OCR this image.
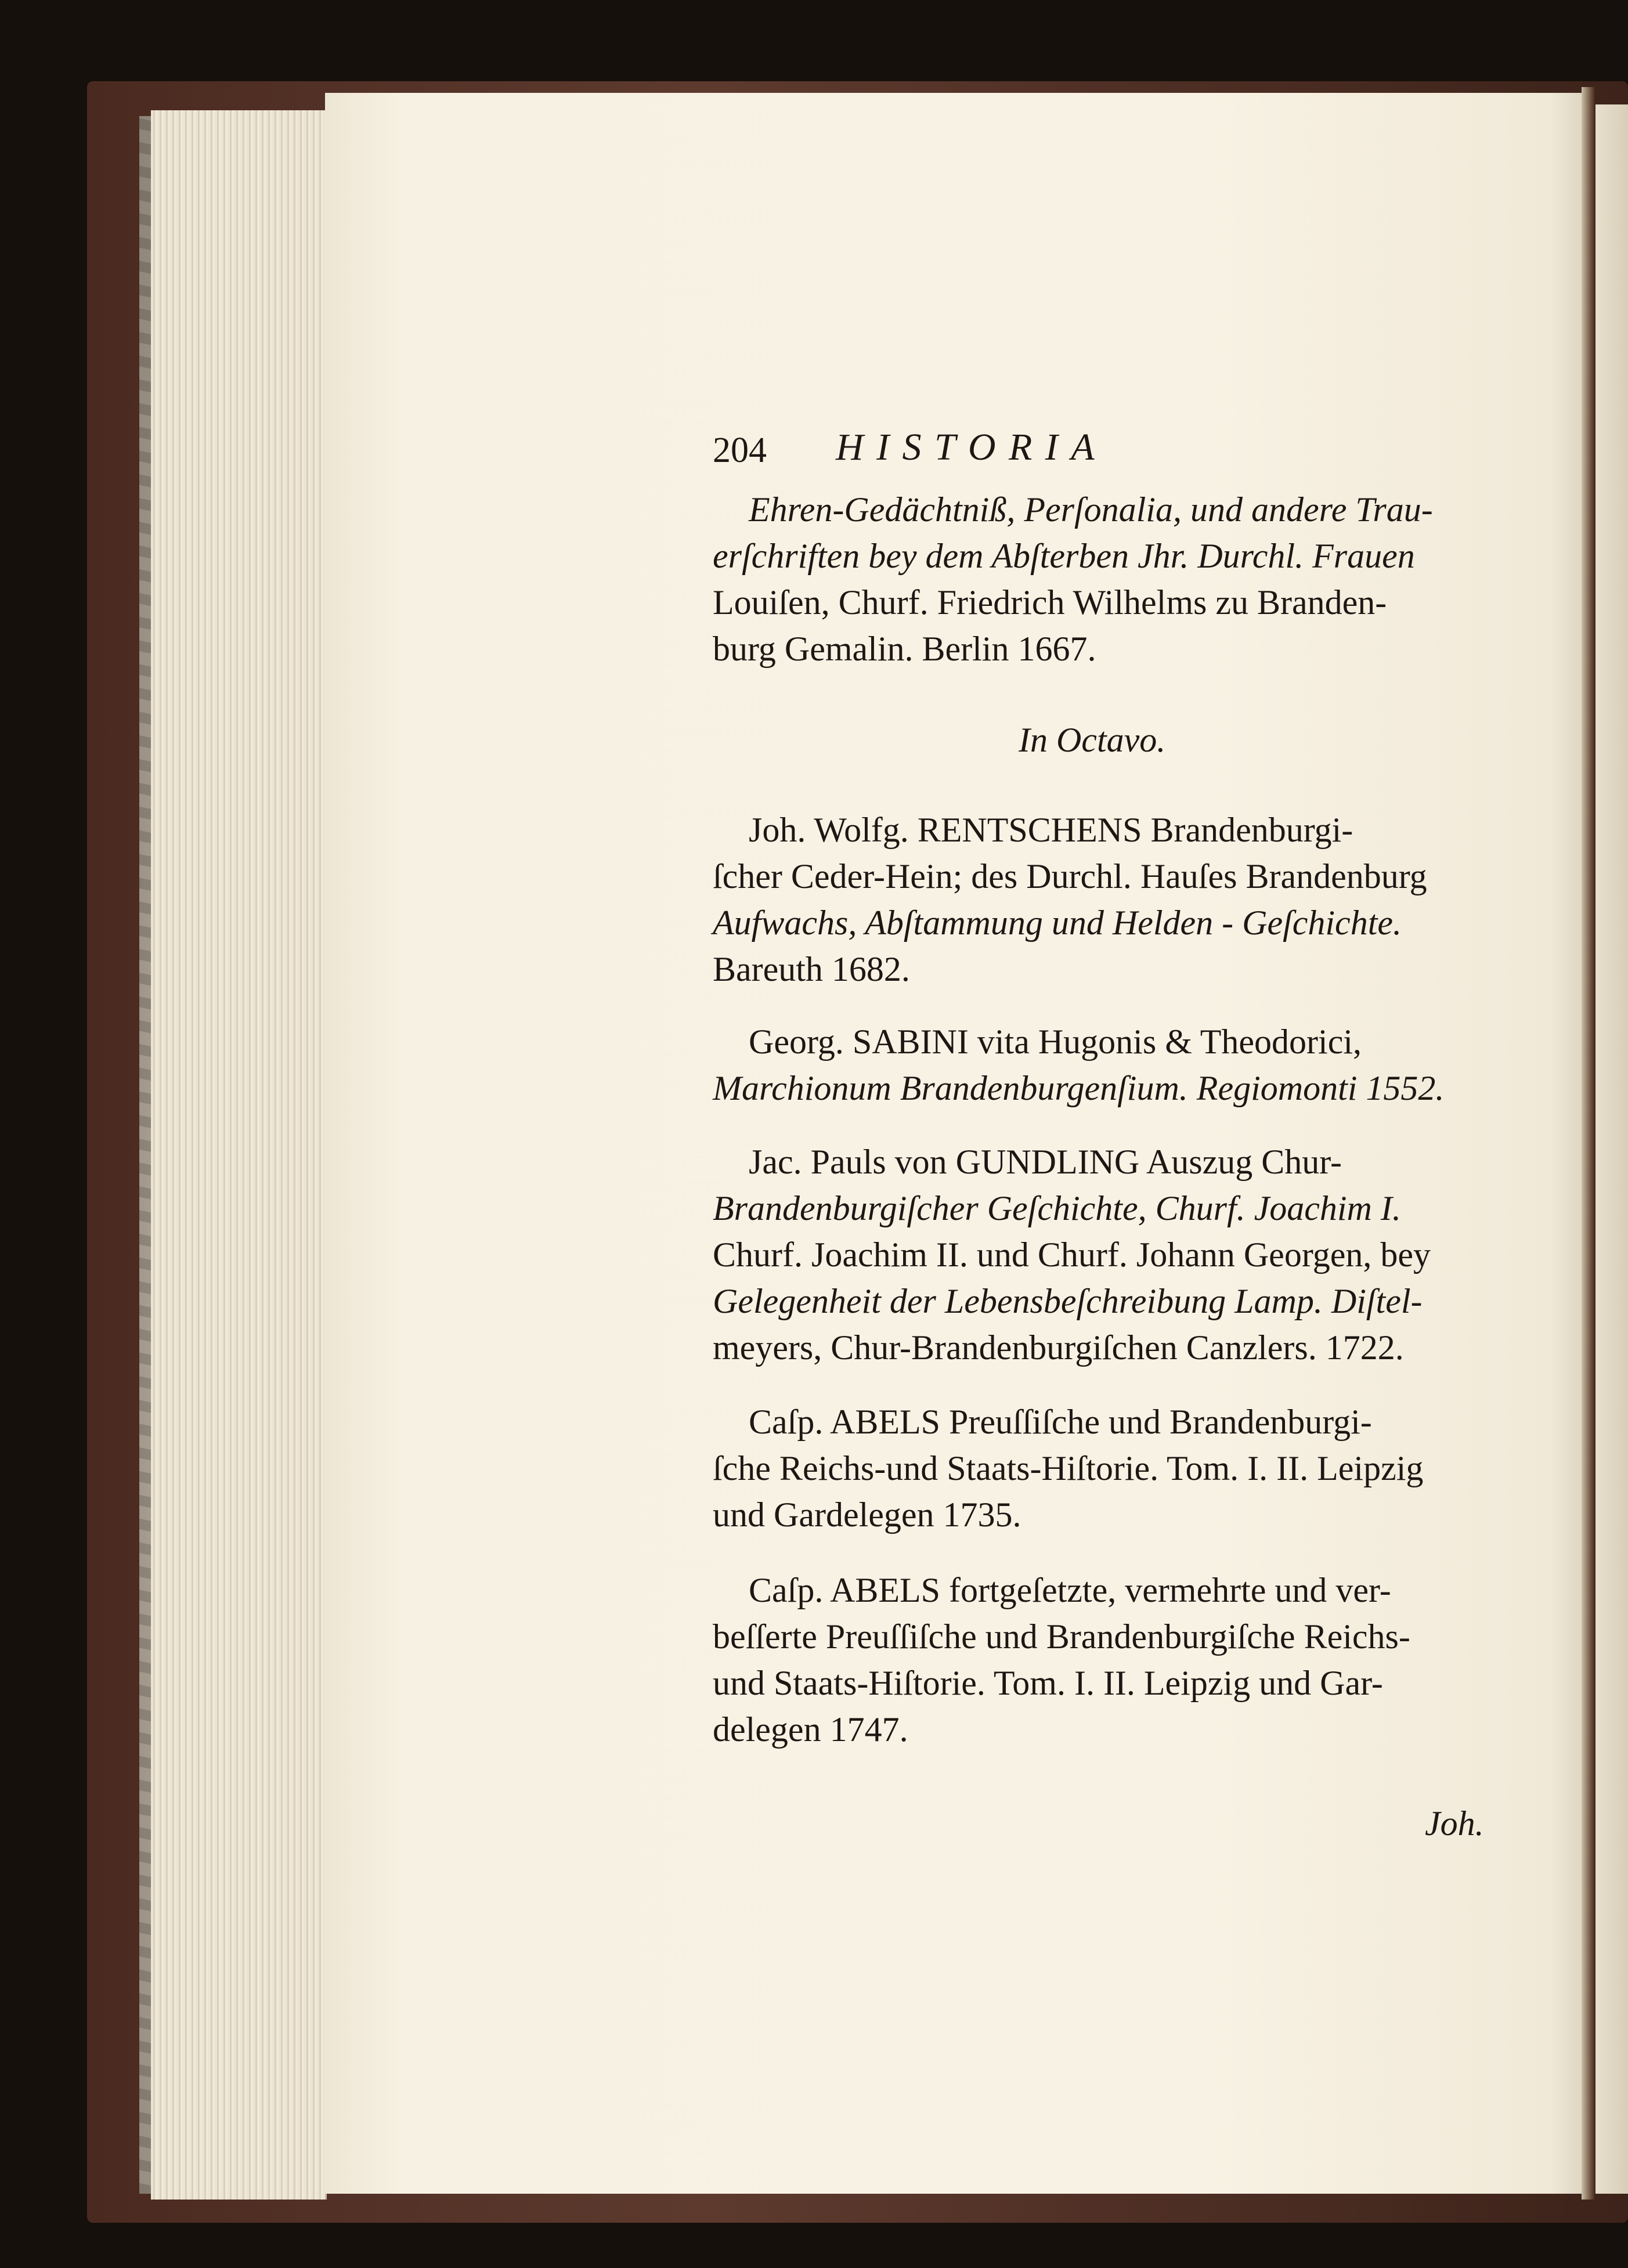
204 HISTORIA
Ehren-Gedächtniß, Perſonalia, und andere Trau-
erſchriften bey dem Abſterben Jhr. Durchl. Frauen
Louiſen, Churf. Friedrich Wilhelms zu Branden-
burg Gemalin. Berlin 1667.
In Octavo.
Joh. Wolfg. RENTSCHENS Brandenburgi-
ſcher Ceder-Hein; des Durchl. Hauſes Brandenburg
Aufwachs, Abſtammung und Helden - Geſchichte.
Bareuth 1682.
Georg. SABINI vita Hugonis & Theodorici,
Marchionum Brandenburgenſium. Regiomonti 1552.
Jac. Pauls von GUNDLING Auszug Chur-
Brandenburgiſcher Geſchichte, Churf. Joachim I.
Churf. Joachim II. und Churf. Johann Georgen, bey
Gelegenheit der Lebensbeſchreibung Lamp. Diſtel-
meyers, Chur-Brandenburgiſchen Canzlers. 1722.
Caſp. ABELS Preuſſiſche und Brandenburgi-
ſche Reichs-und Staats-Hiſtorie. Tom. I. II. Leipzig
und Gardelegen 1735.
Caſp. ABELS fortgeſetzte, vermehrte und ver-
beſſerte Preuſſiſche und Brandenburgiſche Reichs-
und Staats-Hiſtorie. Tom. I. II. Leipzig und Gar-
delegen 1747.
Joh.
